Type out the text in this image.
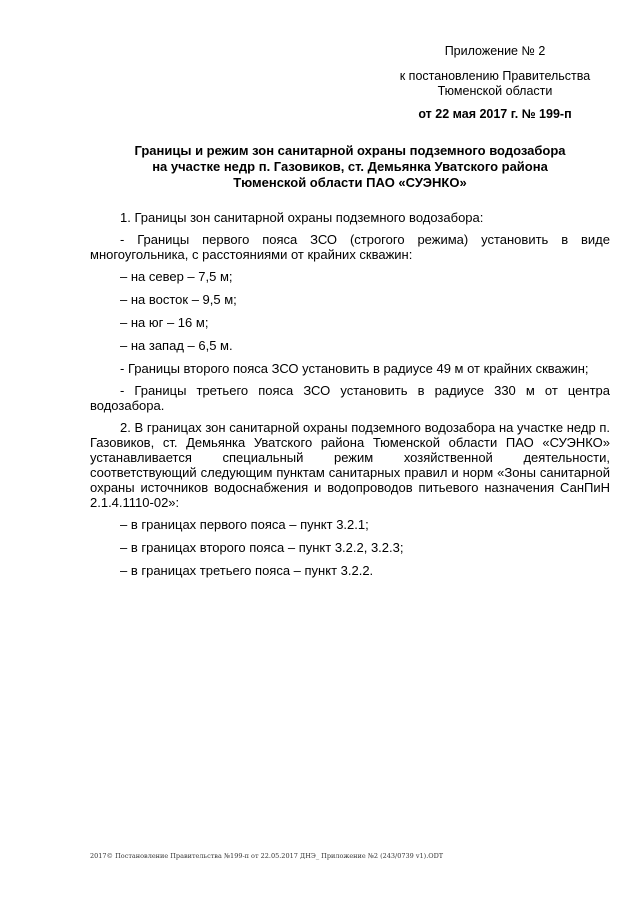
Приложение № 2
к постановлению Правительства
Тюменской области
от 22 мая 2017 г. № 199-п
Границы и режим зон санитарной охраны подземного водозабора
на участке недр п. Газовиков, ст. Демьянка Уватского района
Тюменской области ПАО «СУЭНКО»

1. Границы зон санитарной охраны подземного водозабора:

- Границы первого пояса ЗСО (строгого режима) установить в виде многоугольника, с расстояниями от крайних скважин:

– на север – 7,5 м;

– на восток – 9,5 м;

– на юг – 16 м;

– на запад – 6,5 м.

- Границы второго пояса ЗСО установить в радиусе 49 м от крайних скважин;

- Границы третьего пояса ЗСО установить в радиусе 330 м от центра водозабора.

2. В границах зон санитарной охраны подземного водозабора на участке недр п. Газовиков, ст. Демьянка Уватского района Тюменской области ПАО «СУЭНКО» устанавливается специальный режим хозяйственной деятельности, соответствующий следующим пунктам санитарных правил и норм «Зоны санитарной охраны источников водоснабжения и водопроводов питьевого назначения СанПиН 2.1.4.1110-02»:

– в границах первого пояса – пункт 3.2.1;

– в границах второго пояса – пункт 3.2.2, 3.2.3;

– в границах третьего пояса – пункт 3.2.2.

2017© Постановление Правительства №199-п от 22.05.2017 ДНЭ_ Приложение №2 (243/0739 v1).ODT
